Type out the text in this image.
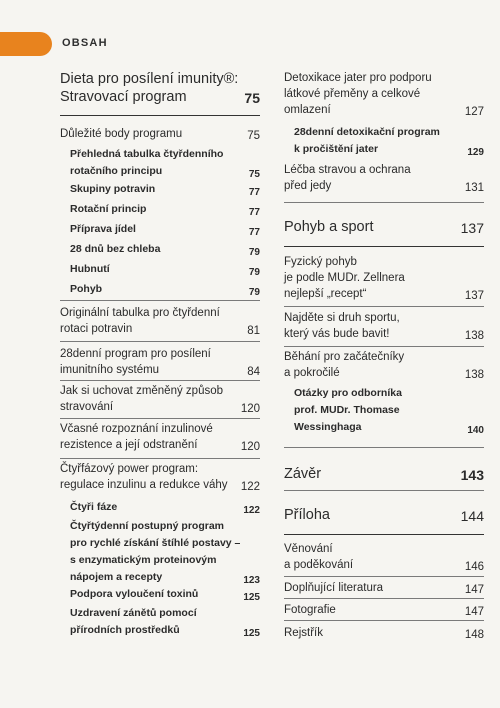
OBSAH
Dieta pro posílení imunity®:
Stravovací program	75
Důležité body programu	75
Přehledná tabulka čtyřdenního
rotačního principu	75
Skupiny potravin	77
Rotační princip	77
Příprava jídel	77
28 dnů bez chleba	79
Hubnutí	79
Pohyb	79
Originální tabulka pro čtyřdenní
rotaci potravin	81
28denní program pro posílení
imunitního systému	84
Jak si uchovat změněný způsob
stravování	120
Včasné rozpoznání inzulinové
rezistence a její odstranění	120
Čtyřfázový power program:
regulace inzulinu a redukce váhy 122
Čtyři fáze	122
Čtyřtýdenní postupný program
pro rychlé získání štíhlé postavy –
s enzymatickým proteinovým
nápojem a recepty	123
Podpora vyloučení toxinů	125
Uzdravení zánětů pomocí
přírodních prostředků	125
Detoxikace jater pro podporu
látkové přeměny a celkové
omlazení	127
28denní detoxikační program
k pročištění jater	129
Léčba stravou a ochrana
před jedy	131
Pohyb a sport	137
Fyzický pohyb
je podle MUDr. Zellnera
nejlepší „recept“	137
Najděte si druh sportu,
který vás bude bavit!	138
Běhání pro začátečníky
a pokročilé	138
Otázky pro odborníka
prof. MUDr. Thomase
Wessinghaga	140
Závěr	143
Příloha	144
Věnování
a poděkování	146
Doplňující literatura	147
Fotografie	147
Rejstřík	148
